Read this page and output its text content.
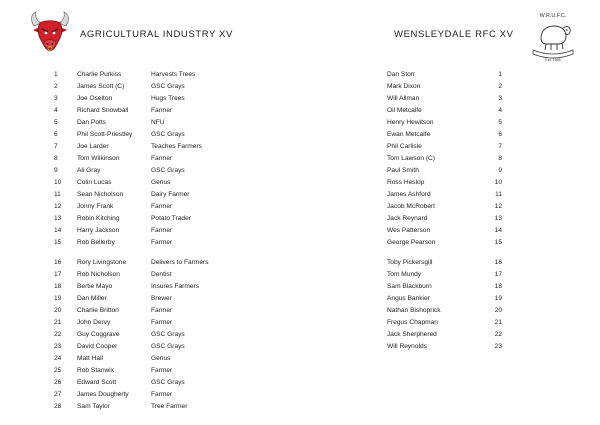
AGRICULTURAL INDUSTRY XV	WENSLEYDALE RFC XV
W.R.U.F.C.
Est. 1968
1	Charlie Purkiss	Harvests Trees
2	James Scott (C)	GSC Grays
3	Joe Oselton	Hugs Trees
4	Richard Snowball	Farmer
5	Dan Potts	NFU
6	Phil Scott-Priestley	GSC Grays
7	Joe Larder	Teaches Farmers
8	Tom Wilkinson	Farmer
9	Ali Gray	GSC Grays
10 Colin Lucas	Genus
11 Sean Nicholson	Dairy Farmer
12 Jonny Frank	Farmer
13 Robin Kitching	Potato Trader
14 Harry Jackson	Farmer
15 Rob Bellerby	Farmer
16 Rory Livingstone	Delivers to Farmers
17 Rob Nicholson	Dentist
18 Bertie Mayo	Insures Farmers
19 Dan Miller	Brewer
20 Charlie Britton	Farmer
21 John Dervy	Farmer
22 Guy Coggrave	GSC Grays
23 David Cooper	GSC Grays
24 Matt Hall	Genus
25 Rob Stanwix	Farmer
26 Edward Scott	GSC Grays
27 James Dougherty	Farmer
28 Sam Taylor	Tree Farmer
Dan Storr	1
Mark Dixon	2
Will Allman	3
Oil Metcalfe	4
Henry Hewitson	5
Ewan Metcalfe	6
Phil Carlisle	7
Tom Lawson (C)	8
Paul Smith	9
Ross Heslop	10
James Ashford	11
Jacob McRobert	12
Jack Reynard	13
Wes Patterson	14
George Pearson	15
Toby Pickersgill	16
Tom Mundy	17
Sam Blackburn	18
Angus Bankier	19
Nathan Bishoprick	20
Fregus Chapman	21
Jack Sherphered	22
Will Reynolds	23
